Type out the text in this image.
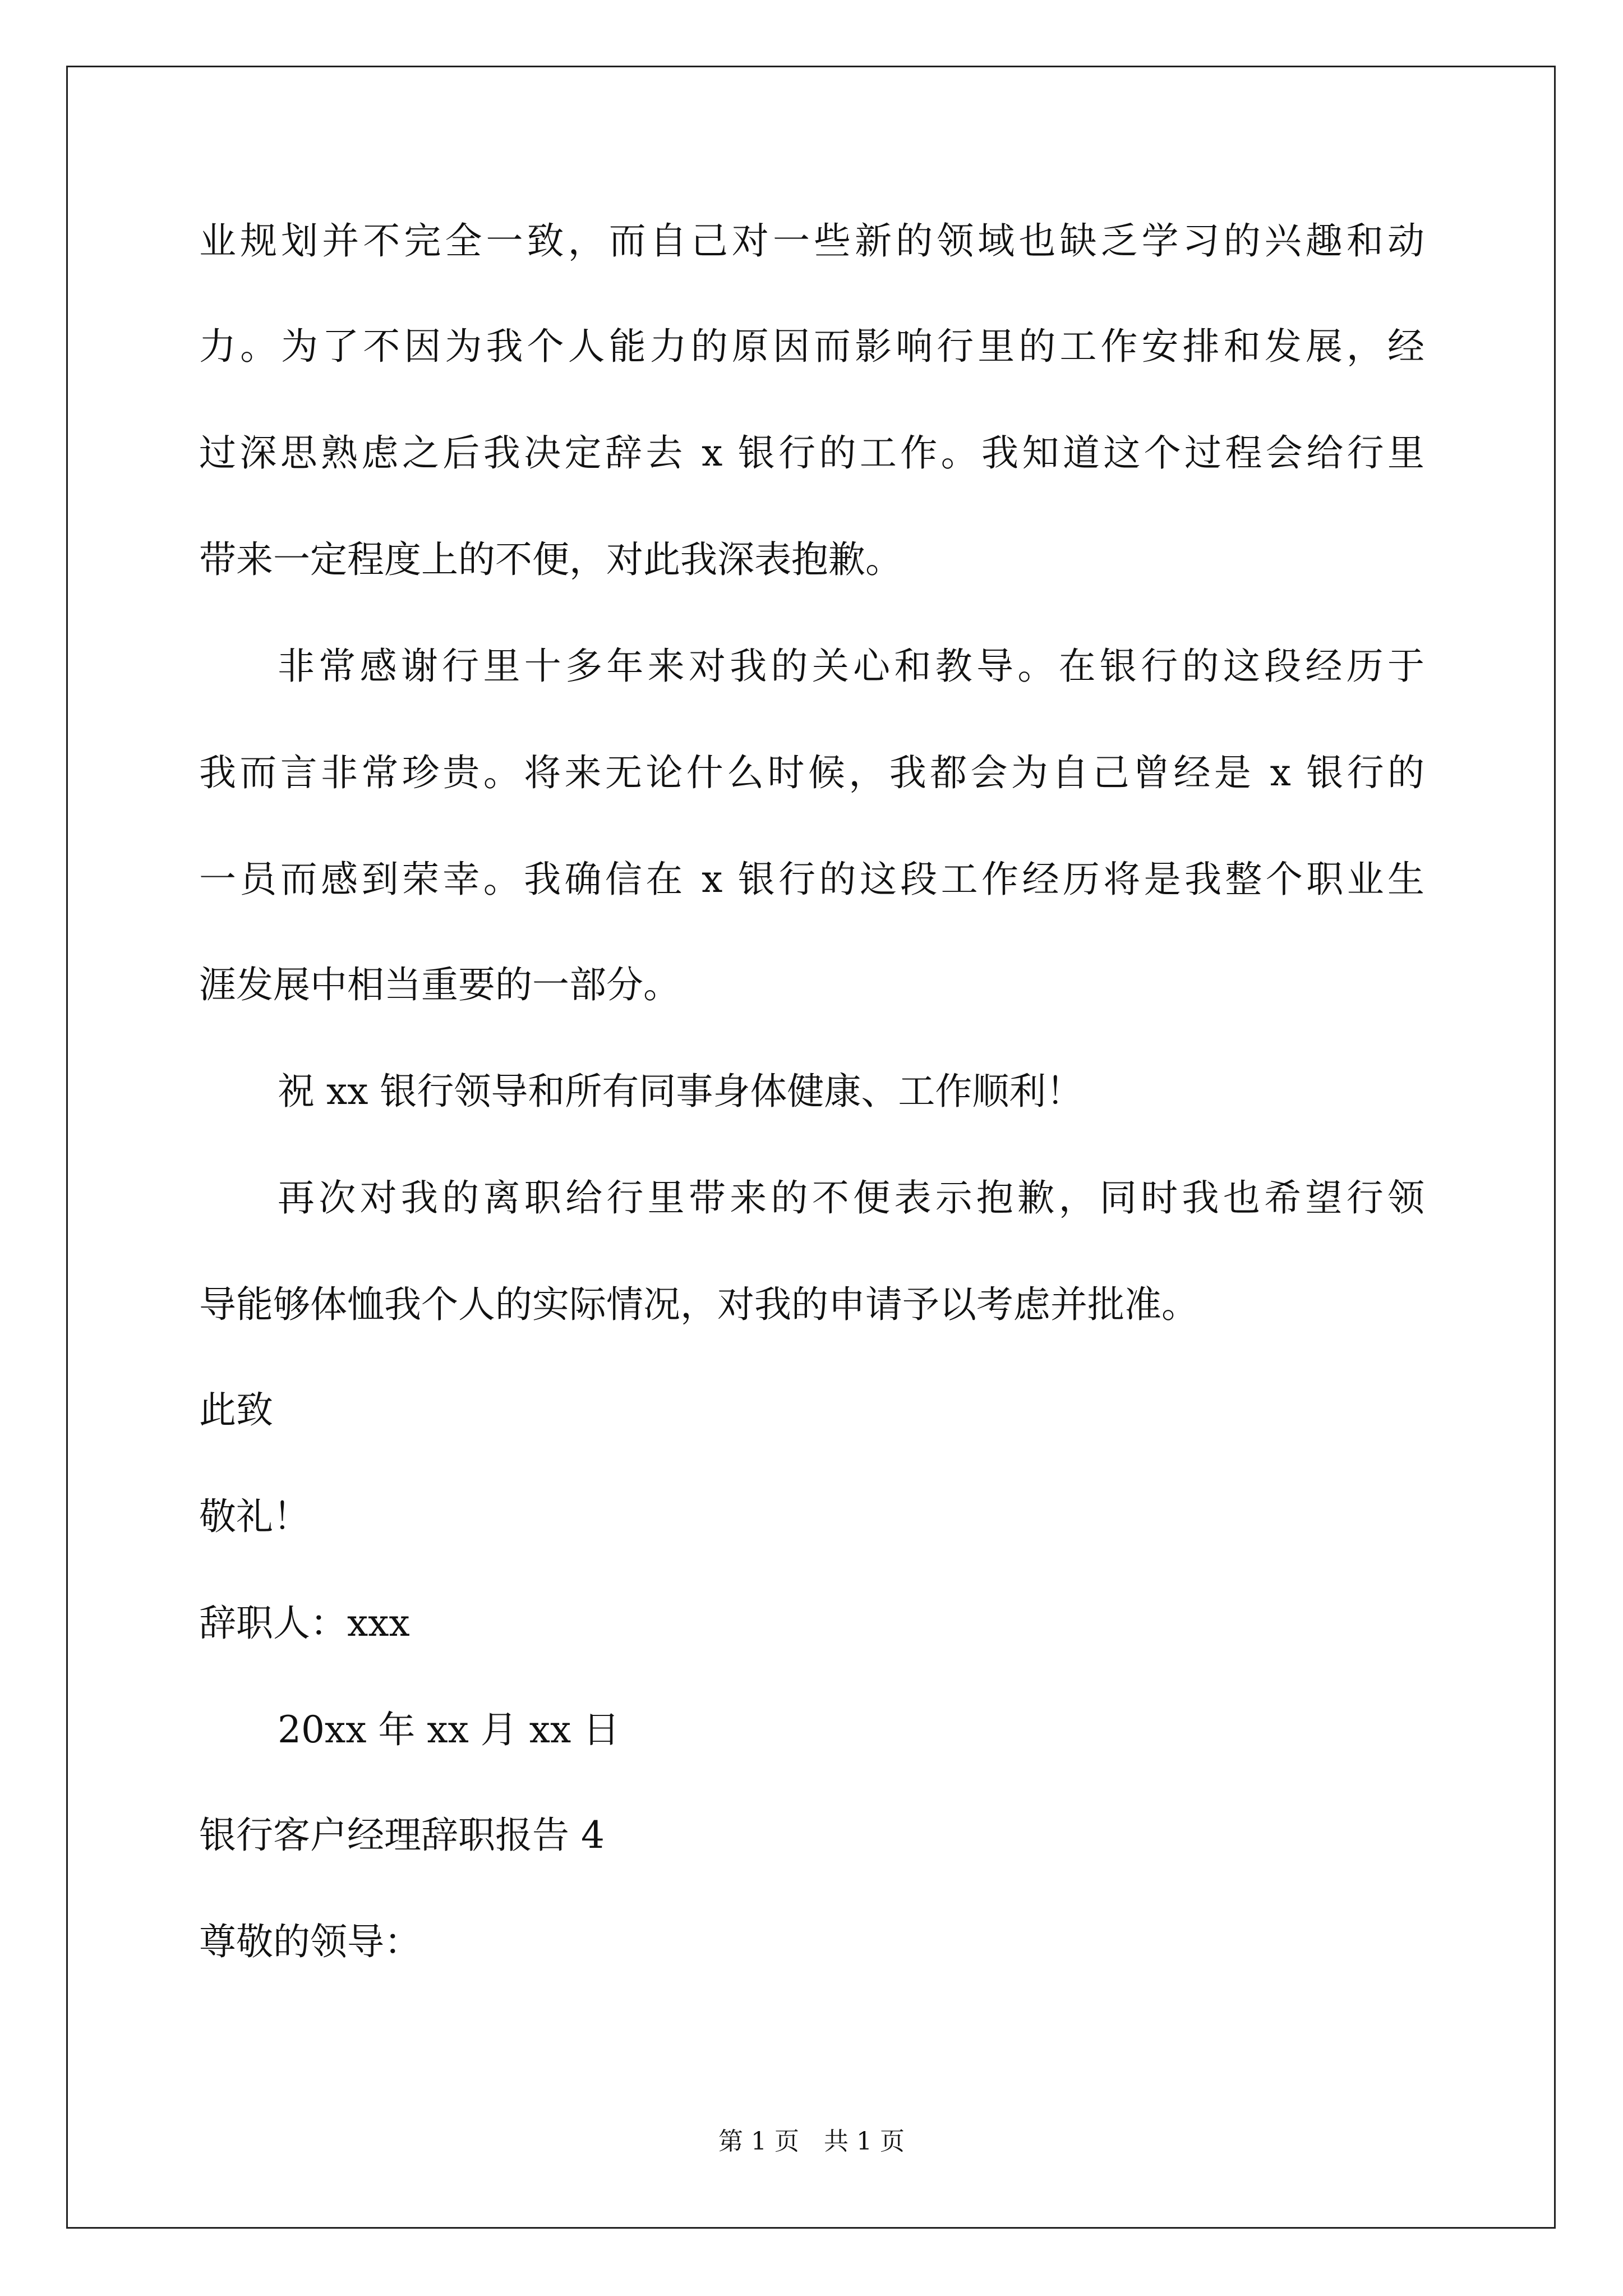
业规划并不完全一致，而自己对一些新的领域也缺乏学习的兴趣和动
力。为了不因为我个人能力的原因而影响行里的工作安排和发展，经
过深思熟虑之后我决定辞去 x 银行的工作。我知道这个过程会给行里
带来一定程度上的不便，对此我深表抱歉。
非常感谢行里十多年来对我的关心和教导。在银行的这段经历于
我而言非常珍贵。将来无论什么时候，我都会为自己曾经是 x 银行的
一员而感到荣幸。我确信在 x 银行的这段工作经历将是我整个职业生
涯发展中相当重要的一部分。
祝 xx 银行领导和所有同事身体健康、工作顺利！
再次对我的离职给行里带来的不便表示抱歉，同时我也希望行领
导能够体恤我个人的实际情况，对我的申请予以考虑并批准。
此致
敬礼！
辞职人：xxx
20xx 年 xx 月 xx 日
银行客户经理辞职报告 4
尊敬的领导：
第 1 页　共 1 页
